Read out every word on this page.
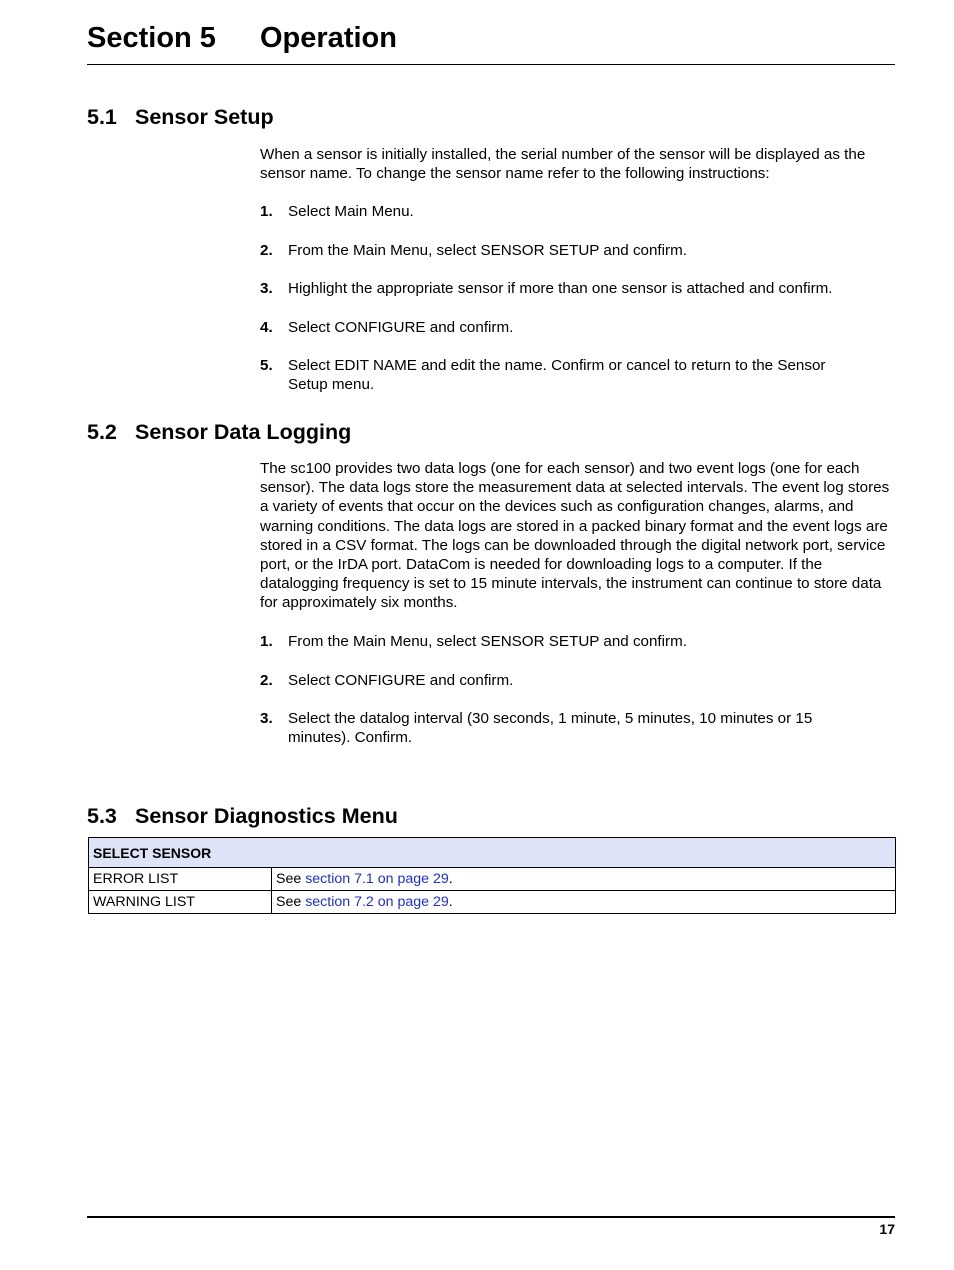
Section 5 Operation
5.1 Sensor Setup
When a sensor is initially installed, the serial number of the sensor will be displayed as the sensor name. To change the sensor name refer to the following instructions:
1. Select Main Menu.
2. From the Main Menu, select SENSOR SETUP and confirm.
3. Highlight the appropriate sensor if more than one sensor is attached and confirm.
4. Select CONFIGURE and confirm.
5. Select EDIT NAME and edit the name. Confirm or cancel to return to the Sensor Setup menu.
5.2 Sensor Data Logging
The sc100 provides two data logs (one for each sensor) and two event logs (one for each sensor). The data logs store the measurement data at selected intervals. The event log stores a variety of events that occur on the devices such as configuration changes, alarms, and warning conditions. The data logs are stored in a packed binary format and the event logs are stored in a CSV format. The logs can be downloaded through the digital network port, service port, or the IrDA port. DataCom is needed for downloading logs to a computer. If the datalogging frequency is set to 15 minute intervals, the instrument can continue to store data for approximately six months.
1. From the Main Menu, select SENSOR SETUP and confirm.
2. Select CONFIGURE and confirm.
3. Select the datalog interval (30 seconds, 1 minute, 5 minutes, 10 minutes or 15 minutes). Confirm.
5.3 Sensor Diagnostics Menu
SELECT SENSOR	
ERROR LIST	See section 7.1 on page 29.
WARNING LIST	See section 7.2 on page 29.
17
